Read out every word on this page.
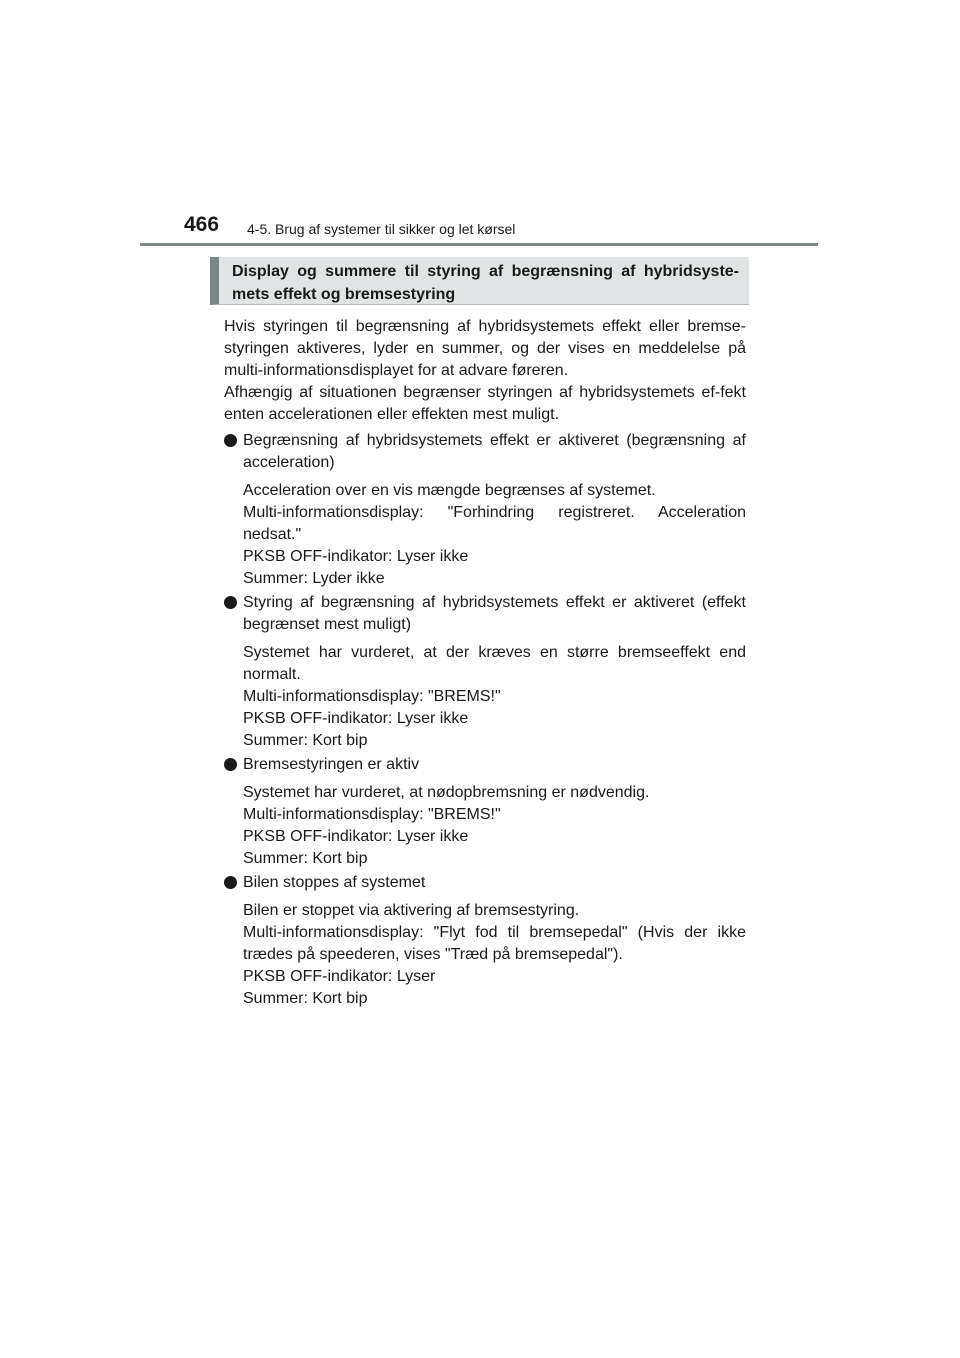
466 4-5. Brug af systemer til sikker og let kørsel
Display og summere til styring af begrænsning af hybridsyste-mets effekt og bremsestyring

Hvis styringen til begrænsning af hybridsystemets effekt eller bremse-styringen aktiveres, lyder en summer, og der vises en meddelelse på multi-informationsdisplayet for at advare føreren.

Afhængig af situationen begrænser styringen af hybridsystemets ef-fekt enten accelerationen eller effekten mest muligt.

Begrænsning af hybridsystemets effekt er aktiveret (begrænsning af acceleration)
Acceleration over en vis mængde begrænses af systemet.
Multi-informationsdisplay: "Forhindring registreret. Acceleration nedsat."
PKSB OFF-indikator: Lyser ikke
Summer: Lyder ikke
Styring af begrænsning af hybridsystemets effekt er aktiveret (effekt begrænset mest muligt)
Systemet har vurderet, at der kræves en større bremseeffekt end normalt.
Multi-informationsdisplay: "BREMS!"
PKSB OFF-indikator: Lyser ikke
Summer: Kort bip
Bremsestyringen er aktiv
Systemet har vurderet, at nødopbremsning er nødvendig.
Multi-informationsdisplay: "BREMS!"
PKSB OFF-indikator: Lyser ikke
Summer: Kort bip
Bilen stoppes af systemet
Bilen er stoppet via aktivering af bremsestyring.
Multi-informationsdisplay: "Flyt fod til bremsepedal" (Hvis der ikke trædes på speederen, vises "Træd på bremsepedal").
PKSB OFF-indikator: Lyser
Summer: Kort bip
